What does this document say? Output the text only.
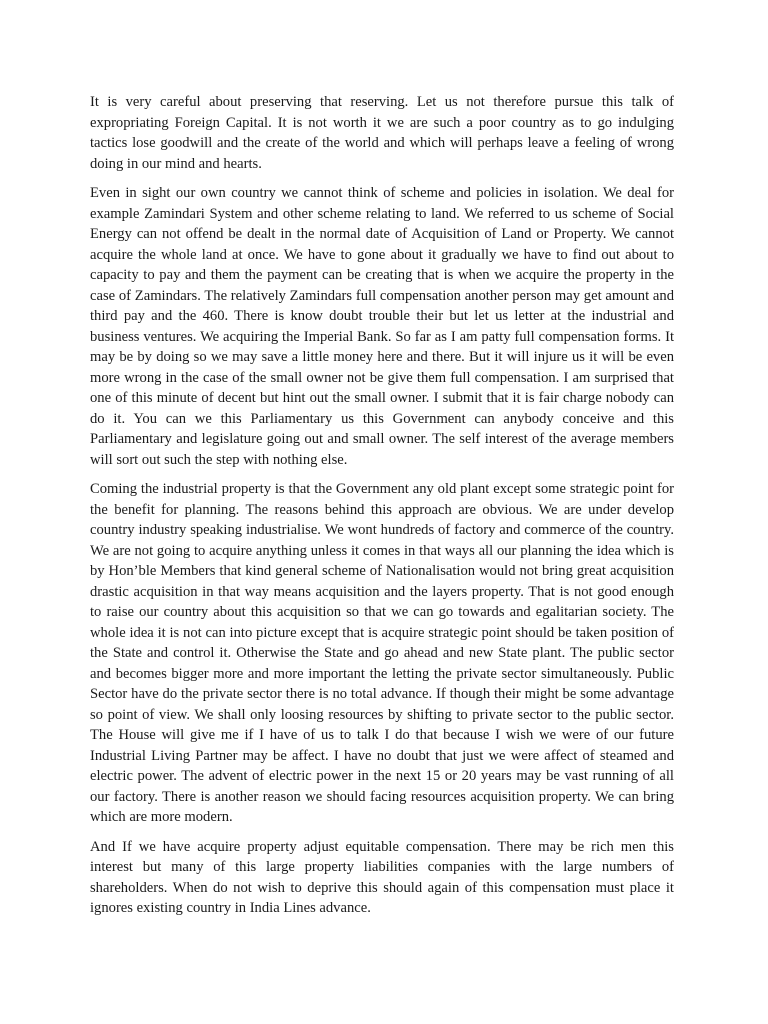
It is very careful about preserving that reserving. Let us not therefore pursue this talk of expropriating Foreign Capital. It is not worth it we are such a poor country as to go indulging tactics lose goodwill and the create of the world and which will perhaps leave a feeling of wrong doing in our mind and hearts.

Even in sight our own country we cannot think of scheme and policies in isolation. We deal for example Zamindari System and other scheme relating to land. We referred to us scheme of Social Energy can not offend be dealt in the normal date of Acquisition of Land or Property. We cannot acquire the whole land at once. We have to gone about it gradually we have to find out about to capacity to pay and them the payment can be creating that is when we acquire the property in the case of Zamindars. The relatively Zamindars full compensation another person may get amount and third pay and the 460. There is know doubt trouble their but let us letter at the industrial and business ventures. We acquiring the Imperial Bank. So far as I am patty full compensation forms. It may be by doing so we may save a little money here and there. But it will injure us it will be even more wrong in the case of the small owner not be give them full compensation. I am surprised that one of this minute of decent but hint out the small owner. I submit that it is fair charge nobody can do it. You can we this Parliamentary us this Government can anybody conceive and this Parliamentary and legislature going out and small owner. The self interest of the average members will sort out such the step with nothing else.

Coming the industrial property is that the Government any old plant except some strategic point for the benefit for planning. The reasons behind this approach are obvious. We are under develop country industry speaking industrialise. We wont hundreds of factory and commerce of the country. We are not going to acquire anything unless it comes in that ways all our planning the idea which is by Hon’ble Members that kind general scheme of Nationalisation would not bring great acquisition drastic acquisition in that way means acquisition and the layers property. That is not good enough to raise our country about this acquisition so that we can go towards and egalitarian society. The whole idea it is not can into picture except that is acquire strategic point should be taken position of the State and control it. Otherwise the State and go ahead and new State plant. The public sector and becomes bigger more and more important the letting the private sector simultaneously. Public Sector have do the private sector there is no total advance. If though their might be some advantage so point of view. We shall only loosing resources by shifting to private sector to the public sector. The House will give me if I have of us to talk I do that because I wish we were of our future Industrial Living Partner may be affect. I have no doubt that just we were affect of steamed and electric power. The advent of electric power in the next 15 or 20 years may be vast running of all our factory. There is another reason we should facing resources acquisition property. We can bring which are more modern.

And If we have acquire property adjust equitable compensation. There may be rich men this interest but many of this large property liabilities companies with the large numbers of shareholders. When do not wish to deprive this should again of this compensation must place it ignores existing country in India Lines advance.
